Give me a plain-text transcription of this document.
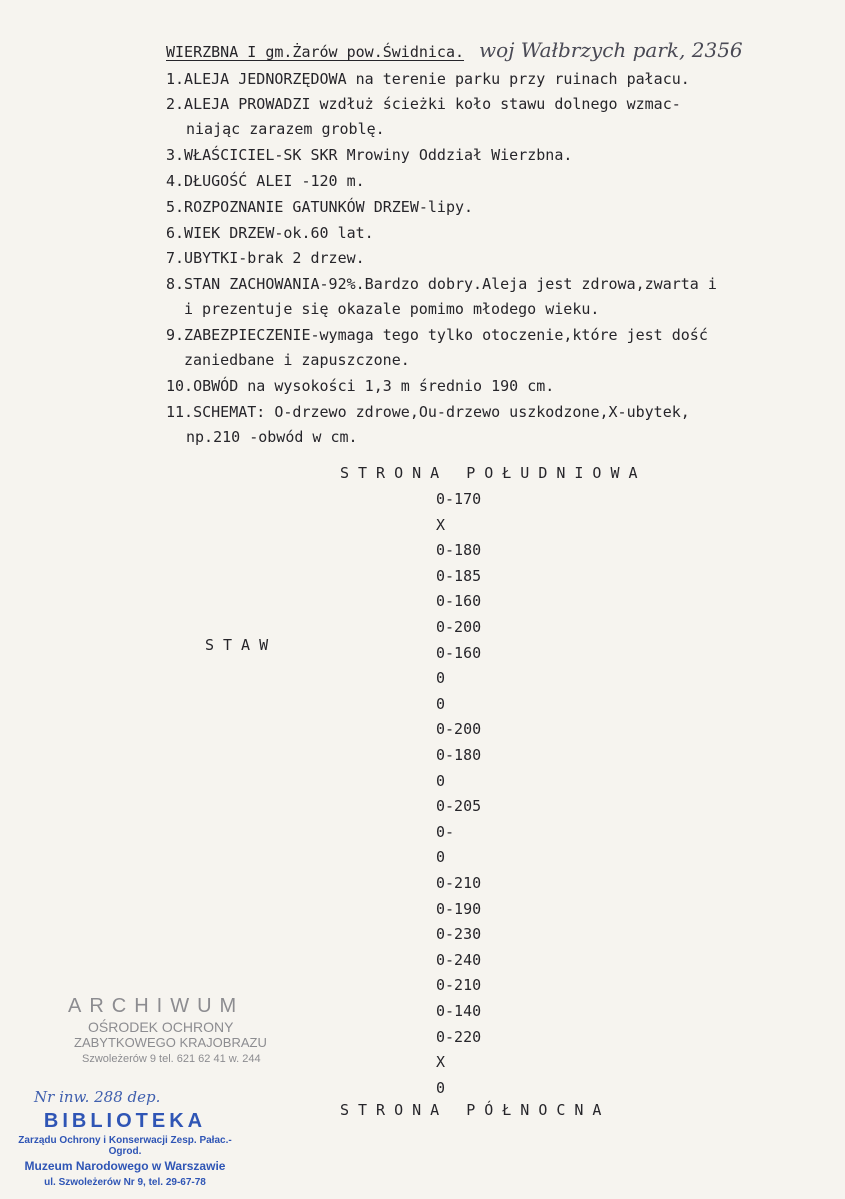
WIERZBNA I gm.Żarów pow.Świdnica. woj Wałbrzych park, 2356
1.ALEJA JEDNORZĘDOWA na terenie parku przy ruinach pałacu.
2.ALEJA PROWADZI wzdłuż ścieżki koło stawu dolnego wzmac-
niając zarazem groblę.
3.WŁAŚCICIEL-SK SKR Mrowiny Oddział Wierzbna.
4.DŁUGOŚĆ ALEI -120 m.
5.ROZPOZNANIE GATUNKÓW DRZEW-lipy.
6.WIEK DRZEW-ok.60 lat.
7.UBYTKI-brak 2 drzew.
8.STAN ZACHOWANIA-92%.Bardzo dobry.Aleja jest zdrowa,zwarta i
i prezentuje się okazale pomimo młodego wieku.
9.ZABEZPIECZENIE-wymaga tego tylko otoczenie,które jest dość
zaniedbane i zapuszczone.
10.OBWÓD na wysokości 1,3 m średnio 190 cm.
11.SCHEMAT: O-drzewo zdrowe,Ou-drzewo uszkodzone,X-ubytek,
np.210 -obwód w cm.
STRONA POŁUDNIOWA
STAW
0-170
X
0-180
0-185
0-160
0-200
0-160
0
0
0-200
0-180
0
0-205
0-
0
0-210
0-190
0-230
0-240
0-210
0-140
0-220
X
0
STRONA PÓŁNOCNA
ARCHIWUM
OŚRODEK OCHRONY
ZABYTKOWEGO KRAJOBRAZU
Szwoleżerów 9 tel. 621 62 41 w. 244
Nr inw. 288 dep.
BIBLIOTEKA
Zarządu Ochrony i Konserwacji Zesp. Pałac.-Ogrod.
Muzeum Narodowego w Warszawie
ul. Szwoleżerów Nr 9, tel. 29-67-78
